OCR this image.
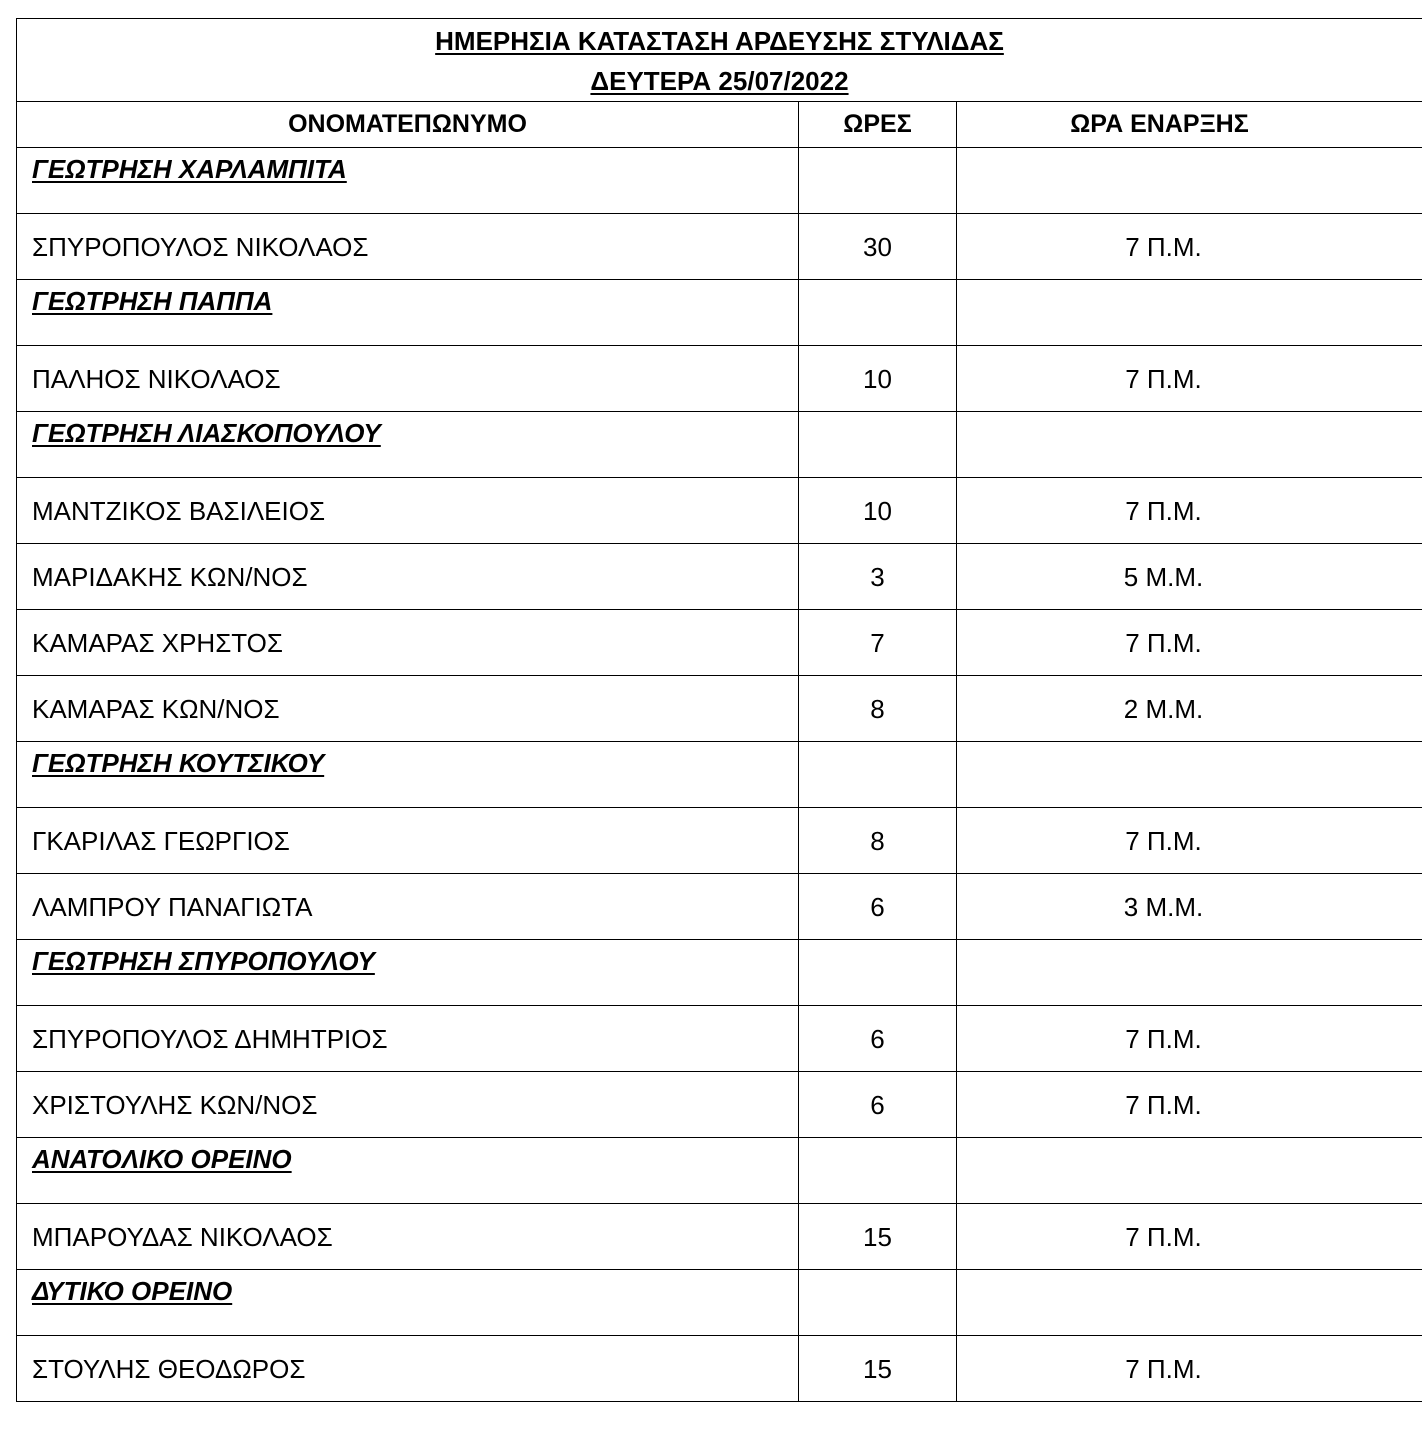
ΗΜΕΡΗΣΙΑ ΚΑΤΑΣΤΑΣΗ ΑΡΔΕΥΣΗΣ ΣΤΥΛΙΔΑΣ
ΔΕΥΤΕΡΑ 25/07/2022
ΟΝΟΜΑΤΕΠΩΝΥΜΟ	ΩΡΕΣ	ΩΡΑ ΕΝΑΡΞΗΣ
ΓΕΩΤΡΗΣΗ ΧΑΡΛΑΜΠΙΤΑ
ΣΠΥΡΟΠΟΥΛΟΣ ΝΙΚΟΛΑΟΣ	30	7 Π.Μ.
ΓΕΩΤΡΗΣΗ ΠΑΠΠΑ
ΠΑΛΗΟΣ ΝΙΚΟΛΑΟΣ	10	7 Π.Μ.
ΓΕΩΤΡΗΣΗ ΛΙΑΣΚΟΠΟΥΛΟΥ
ΜΑΝΤΖΙΚΟΣ ΒΑΣΙΛΕΙΟΣ	10	7 Π.Μ.
ΜΑΡΙΔΑΚΗΣ ΚΩΝ/ΝΟΣ	3	5 Μ.Μ.
ΚΑΜΑΡΑΣ ΧΡΗΣΤΟΣ	7	7 Π.Μ.
ΚΑΜΑΡΑΣ ΚΩΝ/ΝΟΣ	8	2 Μ.Μ.
ΓΕΩΤΡΗΣΗ ΚΟΥΤΣΙΚΟΥ
ΓΚΑΡΙΛΑΣ ΓΕΩΡΓΙΟΣ	8	7 Π.Μ.
ΛΑΜΠΡΟΥ ΠΑΝΑΓΙΩΤΑ	6	3 Μ.Μ.
ΓΕΩΤΡΗΣΗ ΣΠΥΡΟΠΟΥΛΟΥ
ΣΠΥΡΟΠΟΥΛΟΣ ΔΗΜΗΤΡΙΟΣ	6	7 Π.Μ.
ΧΡΙΣΤΟΥΛΗΣ ΚΩΝ/ΝΟΣ	6	7 Π.Μ.
ΑΝΑΤΟΛΙΚΟ ΟΡΕΙΝΟ
ΜΠΑΡΟΥΔΑΣ ΝΙΚΟΛΑΟΣ	15	7 Π.Μ.
ΔΥΤΙΚΟ ΟΡΕΙΝΟ
ΣΤΟΥΛΗΣ ΘΕΟΔΩΡΟΣ	15	7 Π.Μ.
